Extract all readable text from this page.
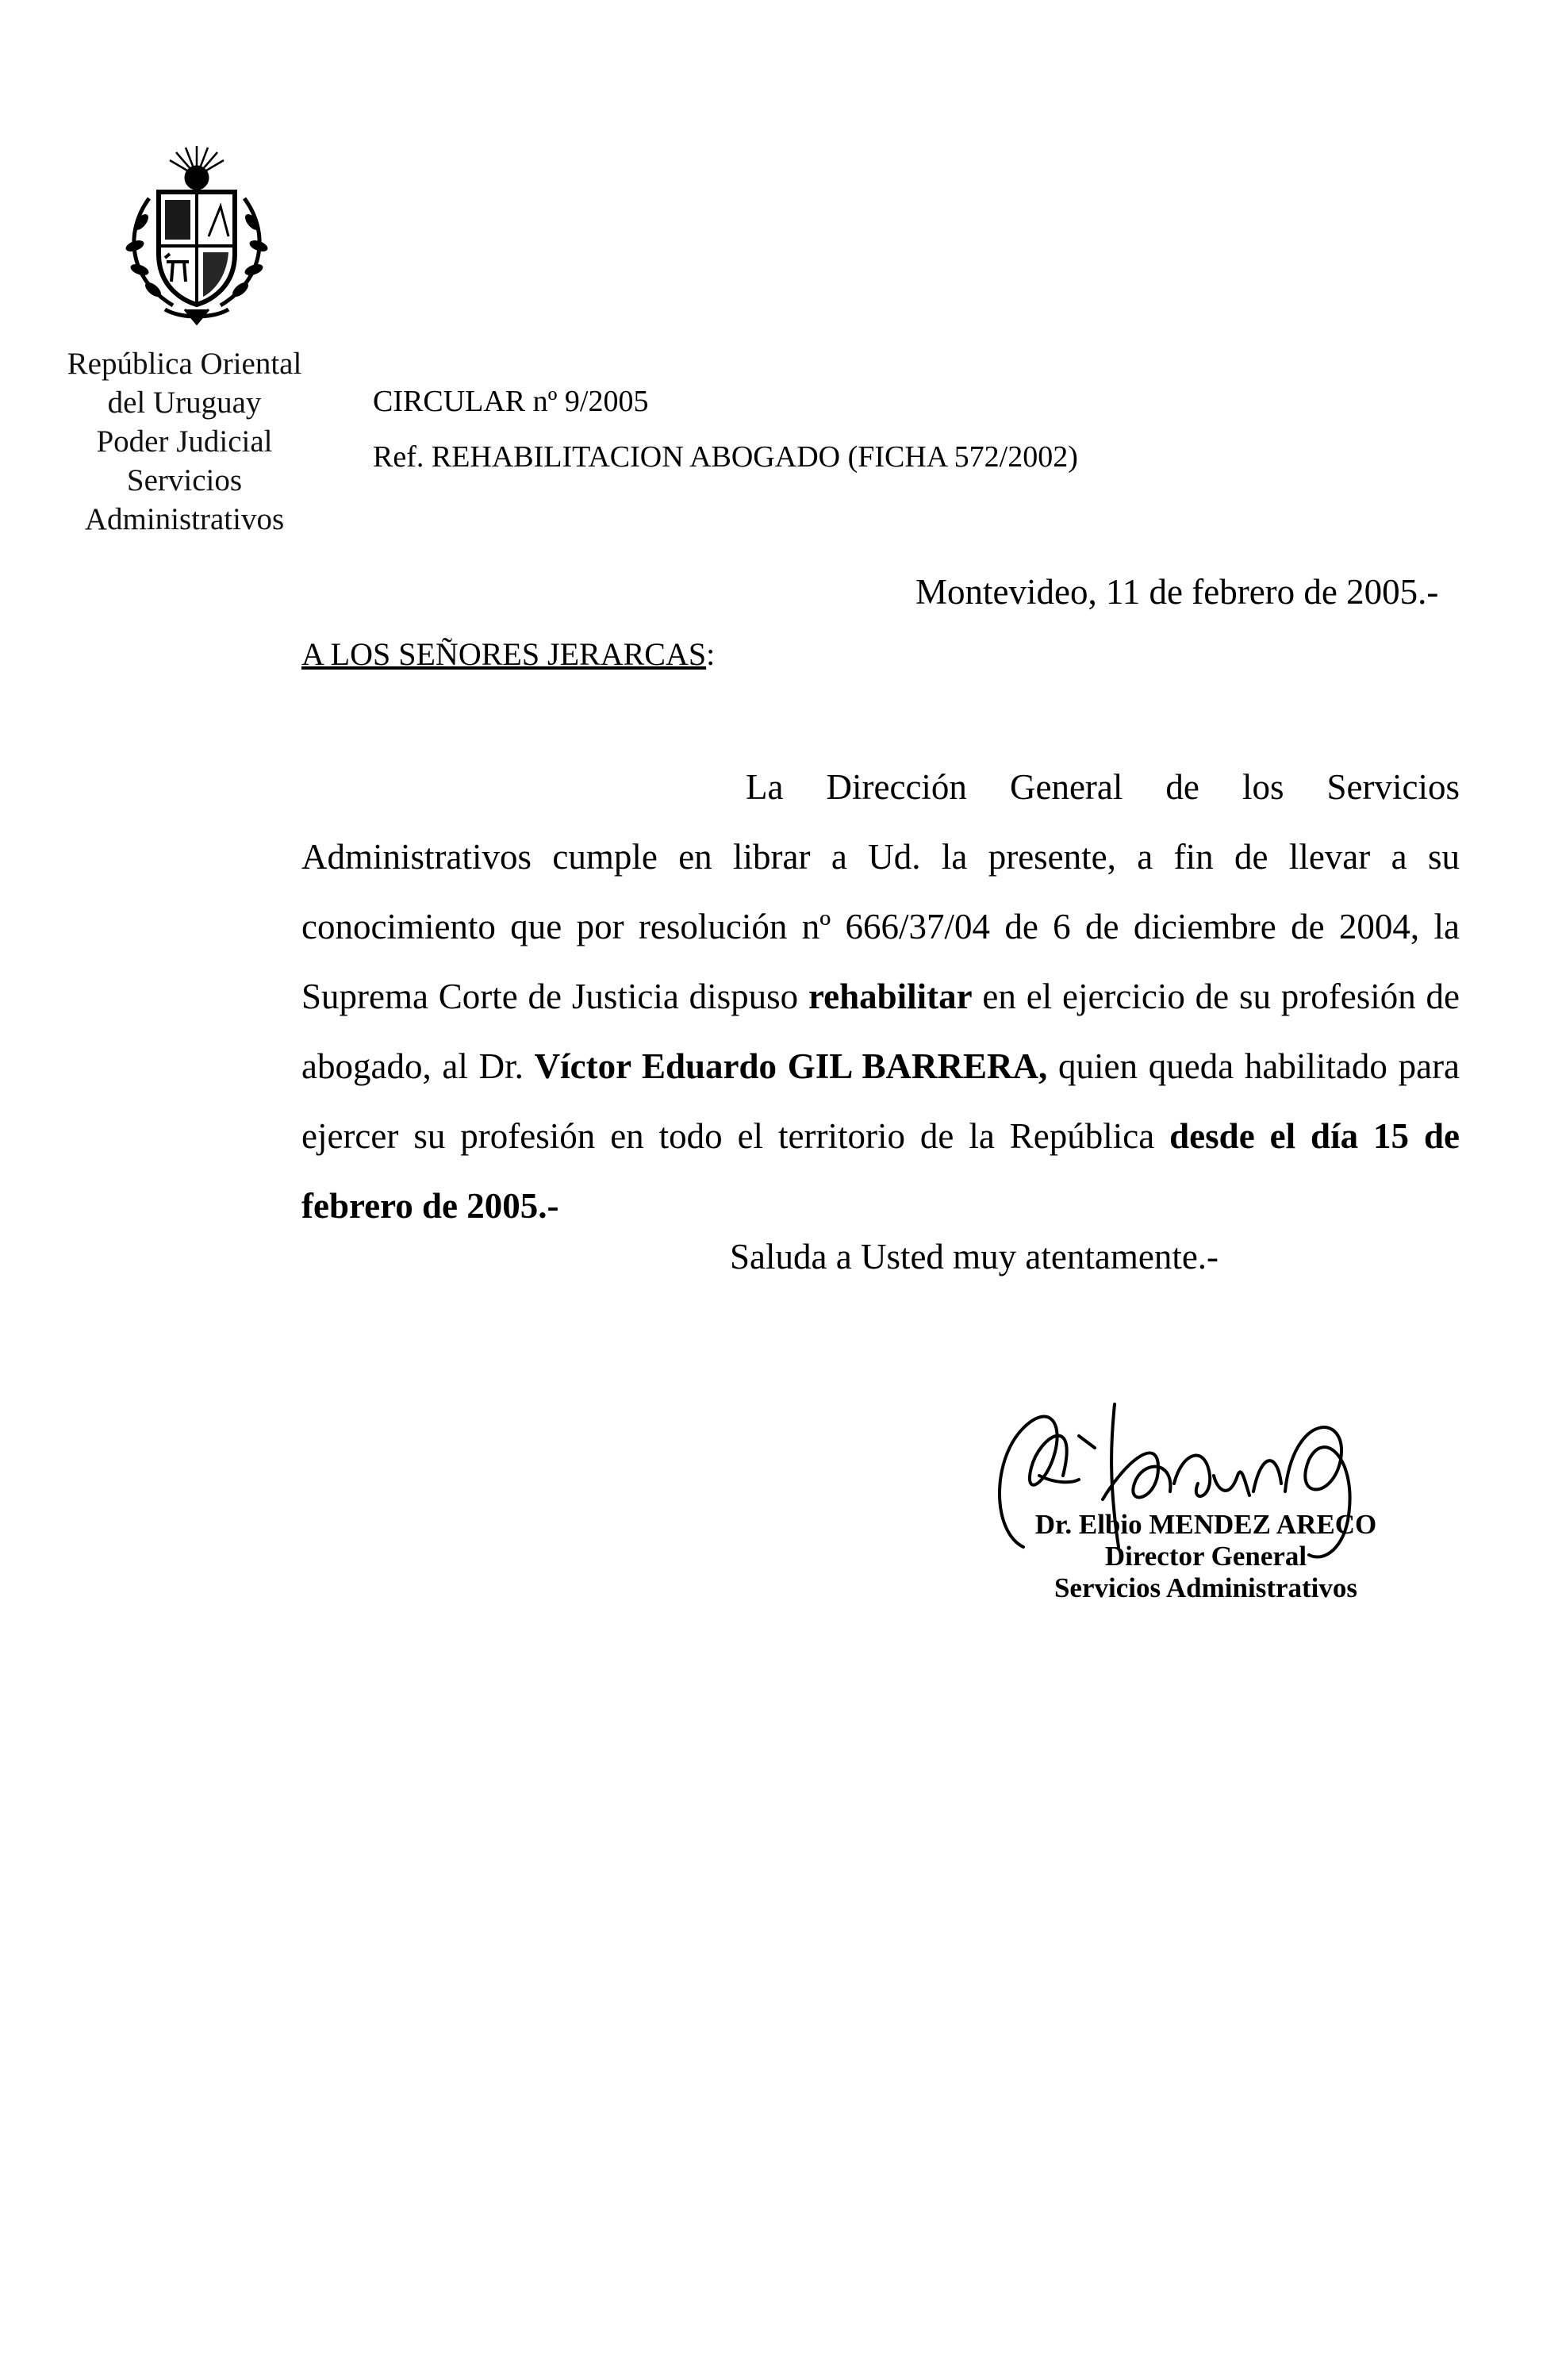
República Oriental
del Uruguay
Poder Judicial
Servicios
Administrativos
CIRCULAR nº 9/2005
Ref. REHABILITACION ABOGADO (FICHA 572/2002)
Montevideo, 11 de febrero de 2005.-
A LOS SEÑORES JERARCAS:

La Dirección General de los Servicios Administrativos cumple en librar a Ud. la presente, a fin de llevar a su conocimiento que por resolución nº 666/37/04 de 6 de diciembre de 2004, la Suprema Corte de Justicia dispuso rehabilitar en el ejercicio de su profesión de abogado, al Dr. Víctor Eduardo GIL BARRERA, quien queda habilitado para ejercer su profesión en todo el territorio de la República desde el día 15 de febrero de 2005.-

Saluda a Usted muy atentamente.-
Dr. Elbio MENDEZ ARECO
Director General
Servicios Administrativos
